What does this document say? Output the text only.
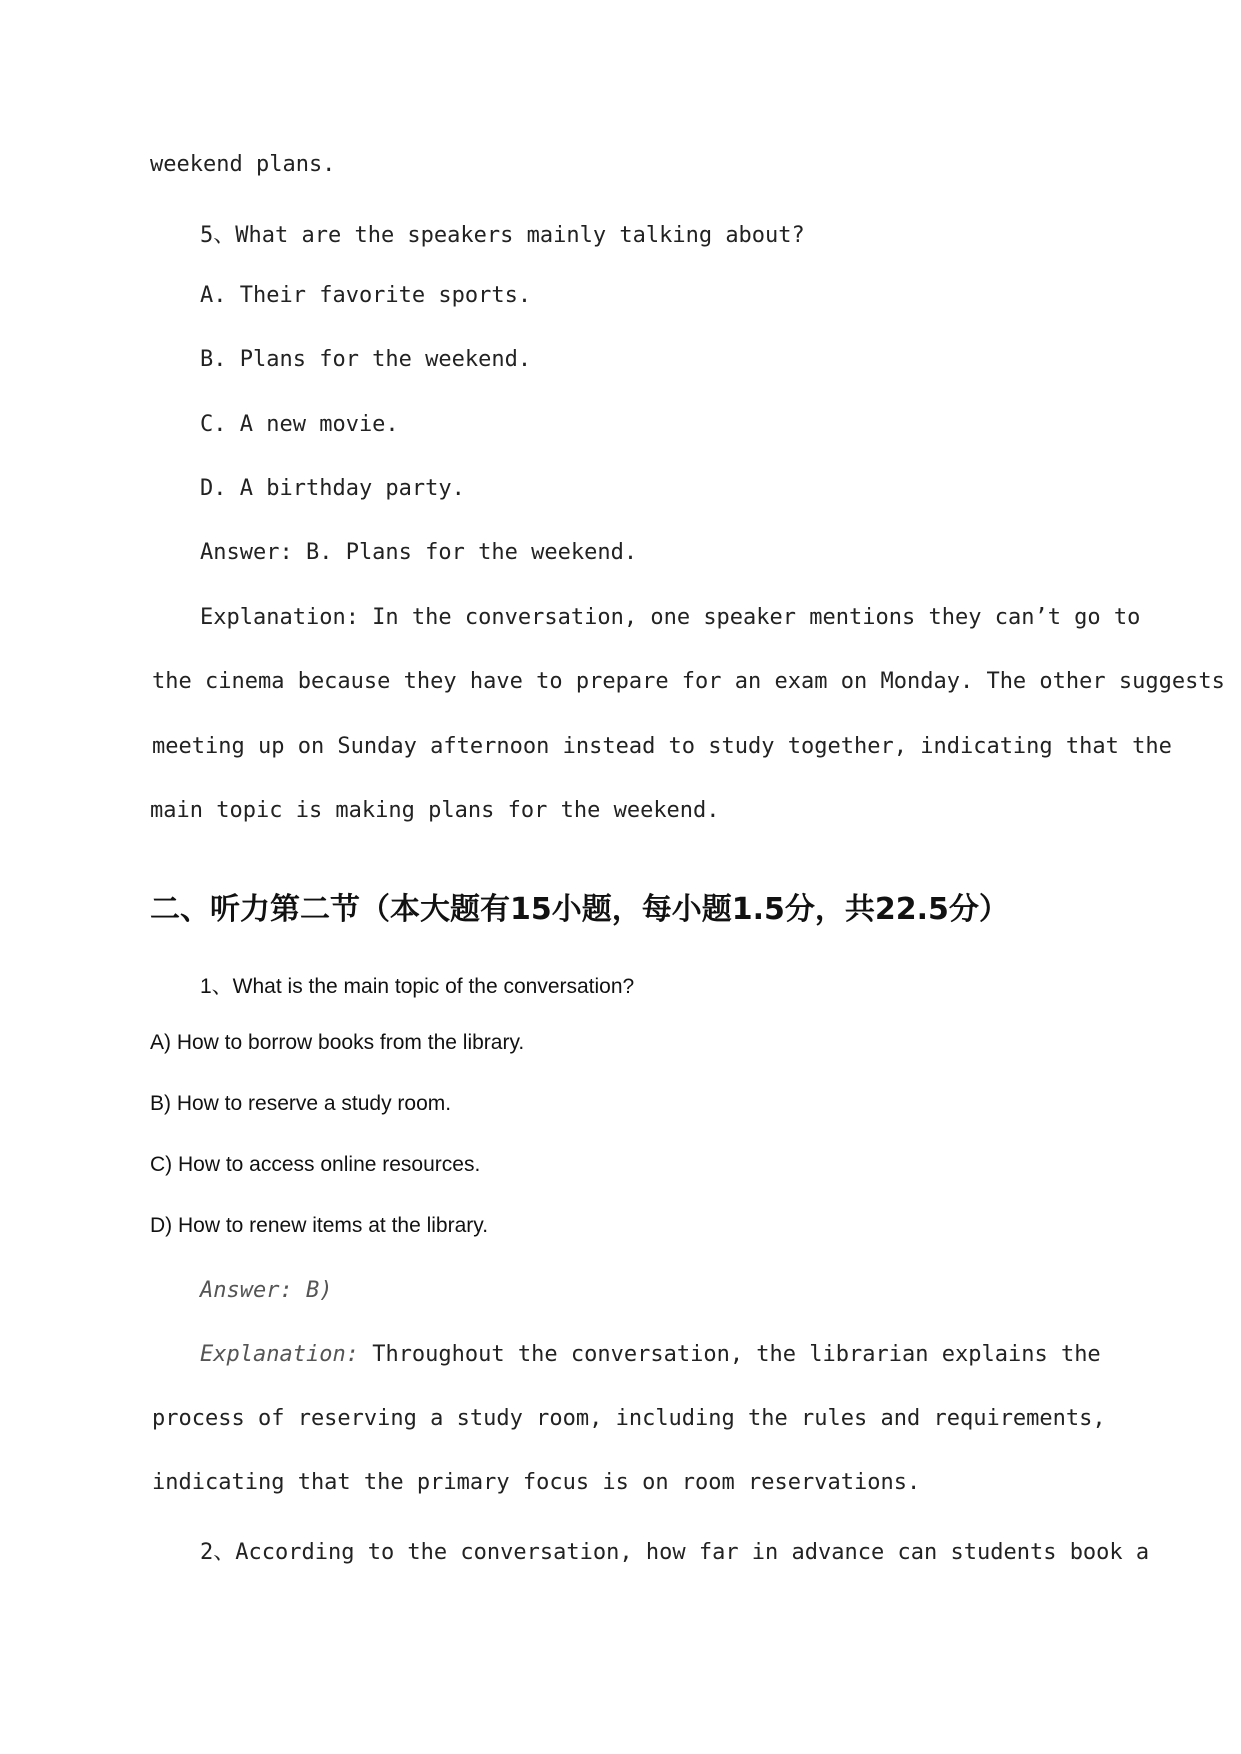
weekend plans.
5、What are the speakers mainly talking about?
A. Their favorite sports.
B. Plans for the weekend.
C. A new movie.
D. A birthday party.
Answer: B. Plans for the weekend.
Explanation: In the conversation, one speaker mentions they can’t go to
the cinema because they have to prepare for an exam on Monday. The other suggests
meeting up on Sunday afternoon instead to study together, indicating that the
main topic is making plans for the weekend.
二、听力第二节（本大题有15小题，每小题1.5分，共22.5分）
1、What is the main topic of the conversation?
A) How to borrow books from the library.
B) How to reserve a study room.
C) How to access online resources.
D) How to renew items at the library.
Answer: B)
Explanation: Throughout the conversation, the librarian explains the
process of reserving a study room, including the rules and requirements,
indicating that the primary focus is on room reservations.
2、According to the conversation, how far in advance can students book a
